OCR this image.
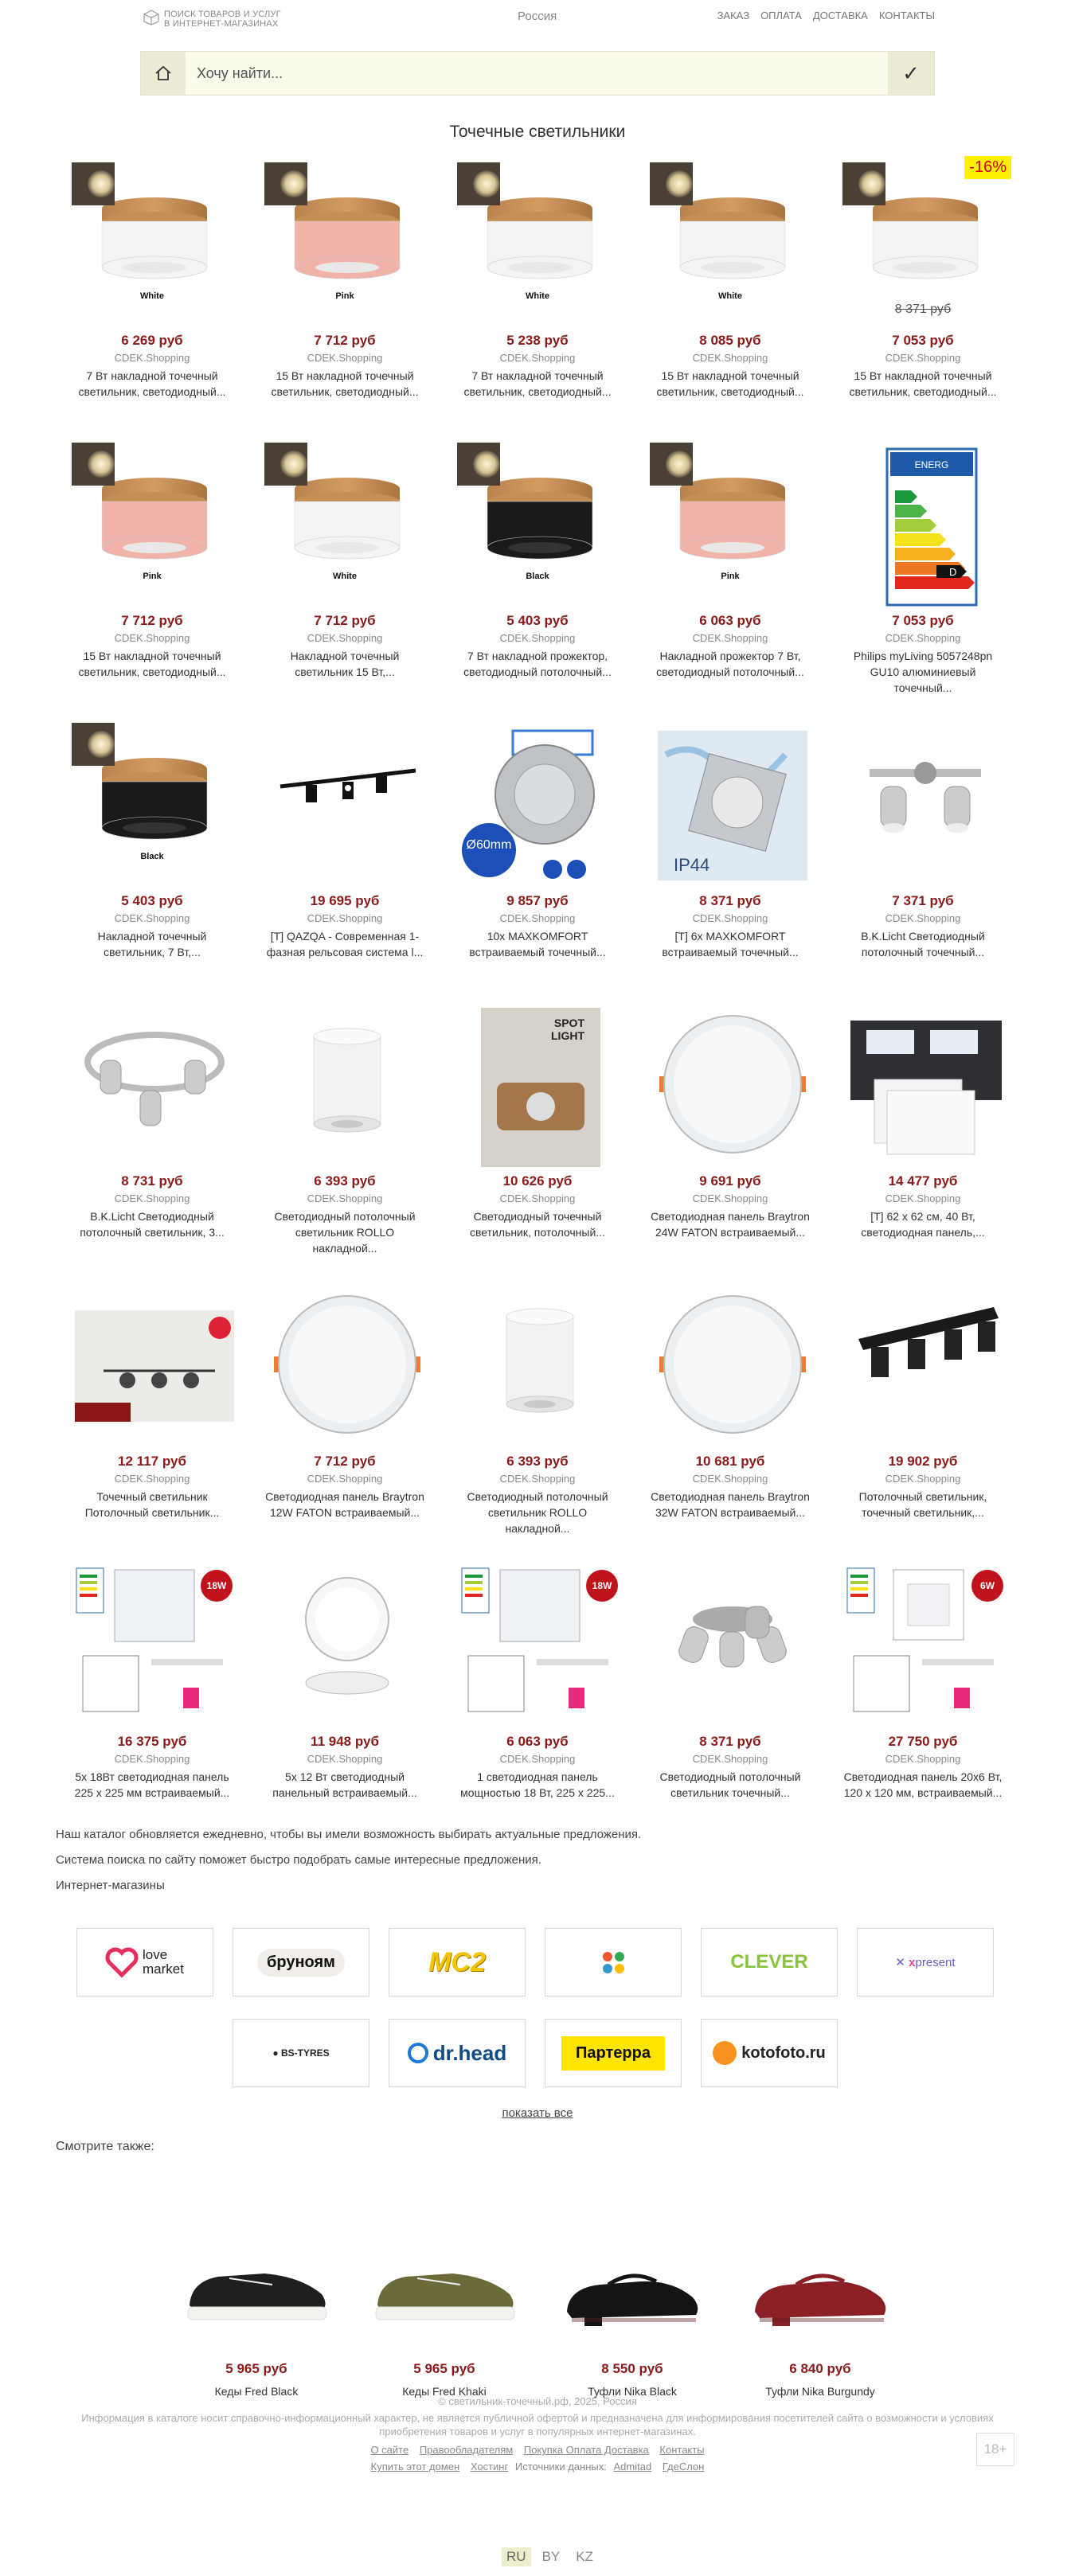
ПОИСК ТОВАРОВ И УСЛУГ
В ИНТЕРНЕТ-МАГАЗИНАХ
Россия	ЗАКАЗ ОПЛАТА ДОСТАВКА КОНТАКТЫ
Хочу найти...
✓
Точечные светильники
White
6 269 руб
CDEK.Shopping
7 Вт накладной точечный светильник, светодиодный...
Pink
7 712 руб
CDEK.Shopping
15 Вт накладной точечный светильник, светодиодный...
White
5 238 руб
CDEK.Shopping
7 Вт накладной точечный светильник, светодиодный...
White
8 085 руб
CDEK.Shopping
15 Вт накладной точечный светильник, светодиодный...
-16%
8 371 руб
7 053 руб
CDEK.Shopping
15 Вт накладной точечный светильник, светодиодный...
Pink
7 712 руб
CDEK.Shopping
15 Вт накладной точечный светильник, светодиодный...
White
7 712 руб
CDEK.Shopping
Накладной точечный светильник 15 Вт,...
Black
5 403 руб
CDEK.Shopping
7 Вт накладной прожектор, светодиодный потолочный...
Pink
6 063 руб
CDEK.Shopping
Накладной прожектор 7 Вт, светодиодный потолочный...
ENERG
D
7 053 руб
CDEK.Shopping
Philips myLiving 5057248pn GU10 алюминиевый точечный...
Black
5 403 руб
CDEK.Shopping
Накладной точечный светильник, 7 Вт,...
19 695 руб
CDEK.Shopping
[T] QAZQA - Современная 1-фазная рельсовая система l...
Ø60mm
9 857 руб
CDEK.Shopping
10x MAXKOMFORT встраиваемый точечный...
IP44
8 371 руб
CDEK.Shopping
[T] 6x MAXKOMFORT встраиваемый точечный...
7 371 руб
CDEK.Shopping
B.K.Licht Светодиодный потолочный точечный...
8 731 руб
CDEK.Shopping
B.K.Licht Светодиодный потолочный светильник, 3...
6 393 руб
CDEK.Shopping
Светодиодный потолочный светильник ROLLO накладной...
SPOT
LIGHT
10 626 руб
CDEK.Shopping
Светодиодный точечный светильник, потолочный...
9 691 руб
CDEK.Shopping
Светодиодная панель Braytron 24W FATON встраиваемый...
14 477 руб
CDEK.Shopping
[T] 62 x 62 см, 40 Вт, светодиодная панель,...
12 117 руб
CDEK.Shopping
Точечный светильник Потолочный светильник...
7 712 руб
CDEK.Shopping
Светодиодная панель Braytron 12W FATON встраиваемый...
6 393 руб
CDEK.Shopping
Светодиодный потолочный светильник ROLLO накладной...
10 681 руб
CDEK.Shopping
Светодиодная панель Braytron 32W FATON встраиваемый...
19 902 руб
CDEK.Shopping
Потолочный светильник, точечный светильник,...
18W
16 375 руб
CDEK.Shopping
5x 18Вт светодиодная панель 225 x 225 мм встраиваемый...
11 948 руб
CDEK.Shopping
5x 12 Вт светодиодный панельный встраиваемый...
18W
6 063 руб
CDEK.Shopping
1 светодиодная панель мощностью 18 Вт, 225 x 225...
8 371 руб
CDEK.Shopping
Светодиодный потолочный светильник точечный...
6W
27 750 руб
CDEK.Shopping
Светодиодная панель 20x6 Вт, 120 x 120 мм, встраиваемый...
Наш каталог обновляется ежедневно, чтобы вы имели возможность выбирать актуальные предложения.
Система поиска по сайту поможет быстро подобрать самые интересные предложения.
Интернет-магазины
love
market	бруноям	MC2	CLEVER	✕ xpresent
● BS-TYRES	dr.head	Партерра	kotofoto.ru
показать все
Смотрите также:
5 965 руб
Кеды Fred Black
5 965 руб
Кеды Fred Khaki
8 550 руб
Туфли Nika Black
6 840 руб
Туфли Nika Burgundy
© светильник-точечный.рф, 2025, Россия
Информация в каталоге носит справочно-информационный характер, не является публичной офертой и предназначена для информирования посетителей сайта о возможности и условиях
приобретения товаров и услуг в популярных интернет-магазинах.
О сайте Правообладателям Покупка Оплата Доставка Контакты
Купить этот домен Хостинг Источники данных: Admitad ГдеСлон
18+
RU	BY	KZ
